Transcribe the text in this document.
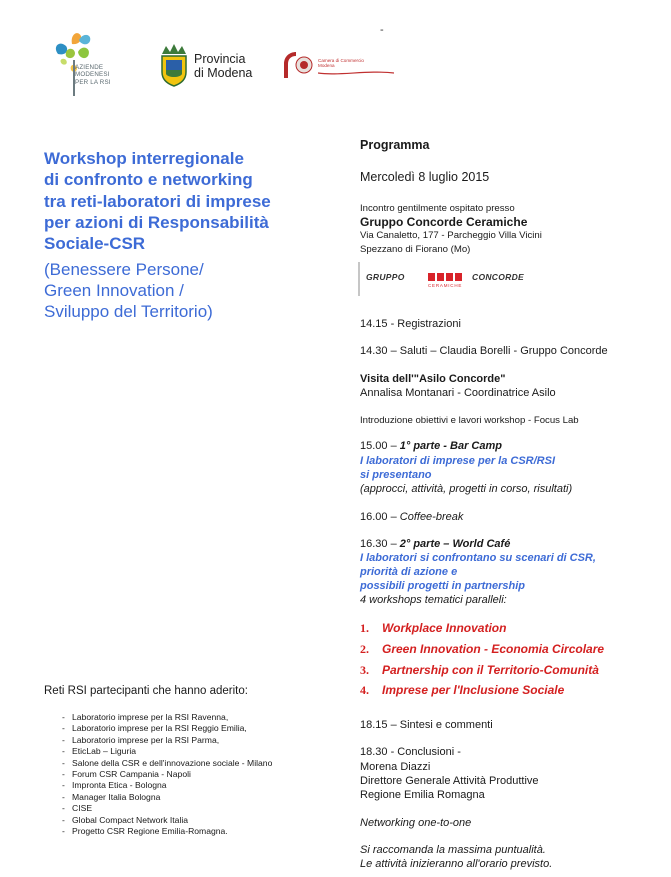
AZIENDE
MODENESI
PER LA RSI
Provincia
di Modena
Camera di Commercio
Modena
-
Workshop interregionale
di confronto e networking
tra reti-laboratori di imprese
per azioni di Responsabilità
Sociale-CSR
(Benessere Persone/
Green Innovation /
Sviluppo del Territorio)
Reti RSI partecipanti che hanno aderito:
- Laboratorio imprese per la RSI Ravenna,
- Laboratorio imprese per la RSI Reggio Emilia,
- Laboratorio imprese per la RSI Parma,
- EticLab – Liguria
- Salone della CSR e dell'innovazione sociale - Milano
- Forum CSR Campania - Napoli
- Impronta Etica - Bologna
- Manager Italia Bologna
- CISE
- Global Compact Network Italia
- Progetto CSR Regione Emilia-Romagna.
Programma
Mercoledì 8 luglio 2015
Incontro gentilmente ospitato presso
Gruppo Concorde Ceramiche
Via Canaletto, 177 - Parcheggio Villa Vicini
Spezzano di Fiorano (Mo)
GRUPPO	CONCORDE
CERAMICHE
14.15 - Registrazioni
14.30 – Saluti – Claudia Borelli - Gruppo Concorde
Visita dell'"Asilo Concorde"
Annalisa Montanari - Coordinatrice Asilo
Introduzione obiettivi e lavori workshop - Focus Lab
15.00 – 1° parte - Bar Camp
I laboratori di imprese per la CSR/RSI
si presentano
(approcci, attività, progetti in corso, risultati)
16.00 – Coffee-break
16.30 – 2° parte – World Café
I laboratori si confrontano su scenari di CSR,
priorità di azione e
possibili progetti in partnership
4 workshops tematici paralleli:
1. Workplace Innovation
2. Green Innovation - Economia Circolare
3. Partnership con il Territorio-Comunità
4. Imprese per l'Inclusione Sociale
18.15 – Sintesi e commenti
18.30 - Conclusioni -
Morena Diazzi
Direttore Generale Attività Produttive
Regione Emilia Romagna
Networking one-to-one
Si raccomanda la massima puntualità.
Le attività inizieranno all'orario previsto.
